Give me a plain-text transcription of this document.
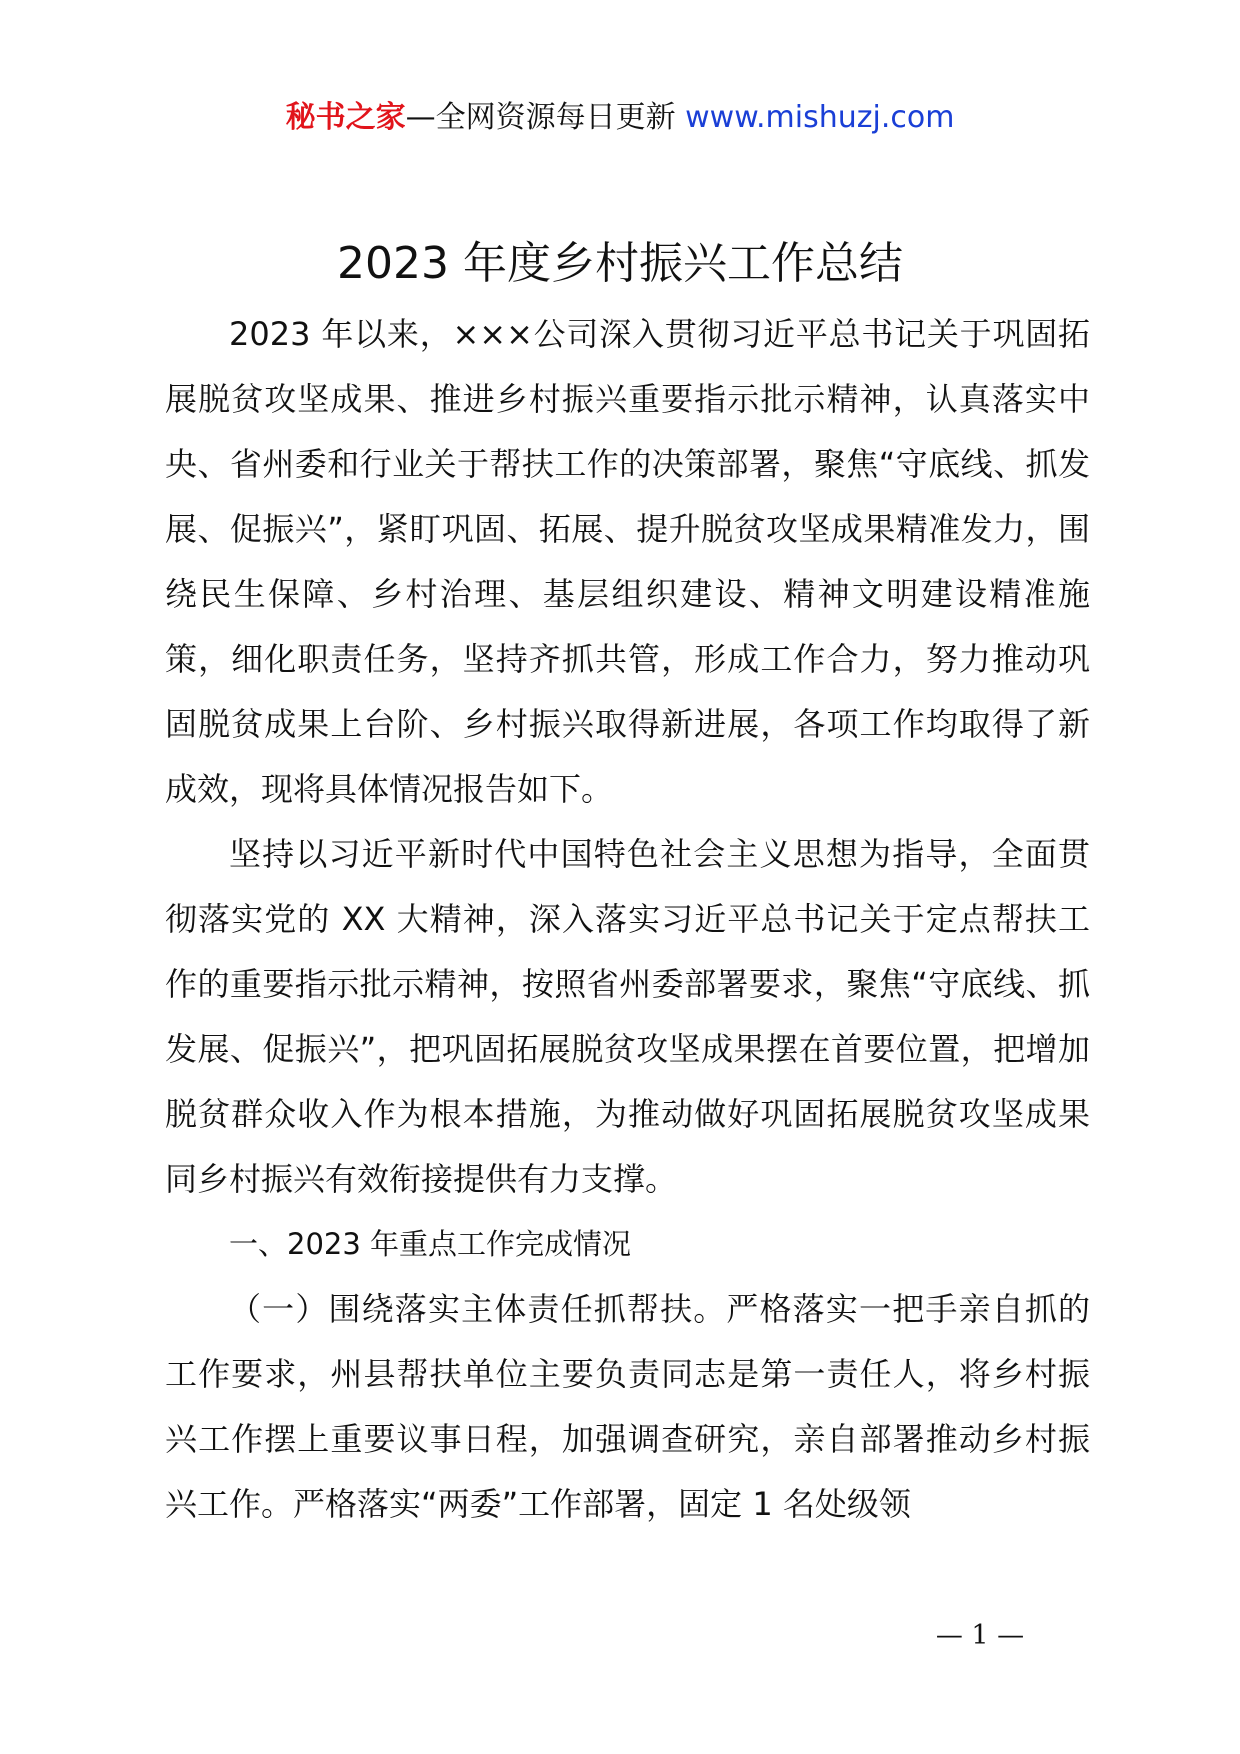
秘书之家—全网资源每日更新 www.mishuzj.com
2023 年度乡村振兴工作总结

2023 年以来，×××公司深入贯彻习近平总书记关于巩固拓展脱贫攻坚成果、推进乡村振兴重要指示批示精神，认真落实中央、省州委和行业关于帮扶工作的决策部署，聚焦“守底线、抓发展、促振兴”，紧盯巩固、拓展、提升脱贫攻坚成果精准发力，围绕民生保障、乡村治理、基层组织建设、精神文明建设精准施策，细化职责任务，坚持齐抓共管，形成工作合力，努力推动巩固脱贫成果上台阶、乡村振兴取得新进展，各项工作均取得了新成效，现将具体情况报告如下。

坚持以习近平新时代中国特色社会主义思想为指导，全面贯彻落实党的 XX 大精神，深入落实习近平总书记关于定点帮扶工作的重要指示批示精神，按照省州委部署要求，聚焦“守底线、抓发展、促振兴”，把巩固拓展脱贫攻坚成果摆在首要位置，把增加脱贫群众收入作为根本措施，为推动做好巩固拓展脱贫攻坚成果同乡村振兴有效衔接提供有力支撑。

一、2023 年重点工作完成情况

（一）围绕落实主体责任抓帮扶。严格落实一把手亲自抓的工作要求，州县帮扶单位主要负责同志是第一责任人，将乡村振兴工作摆上重要议事日程，加强调查研究，亲自部署推动乡村振兴工作。严格落实“两委”工作部署，固定 1 名处级领

— 1 —
